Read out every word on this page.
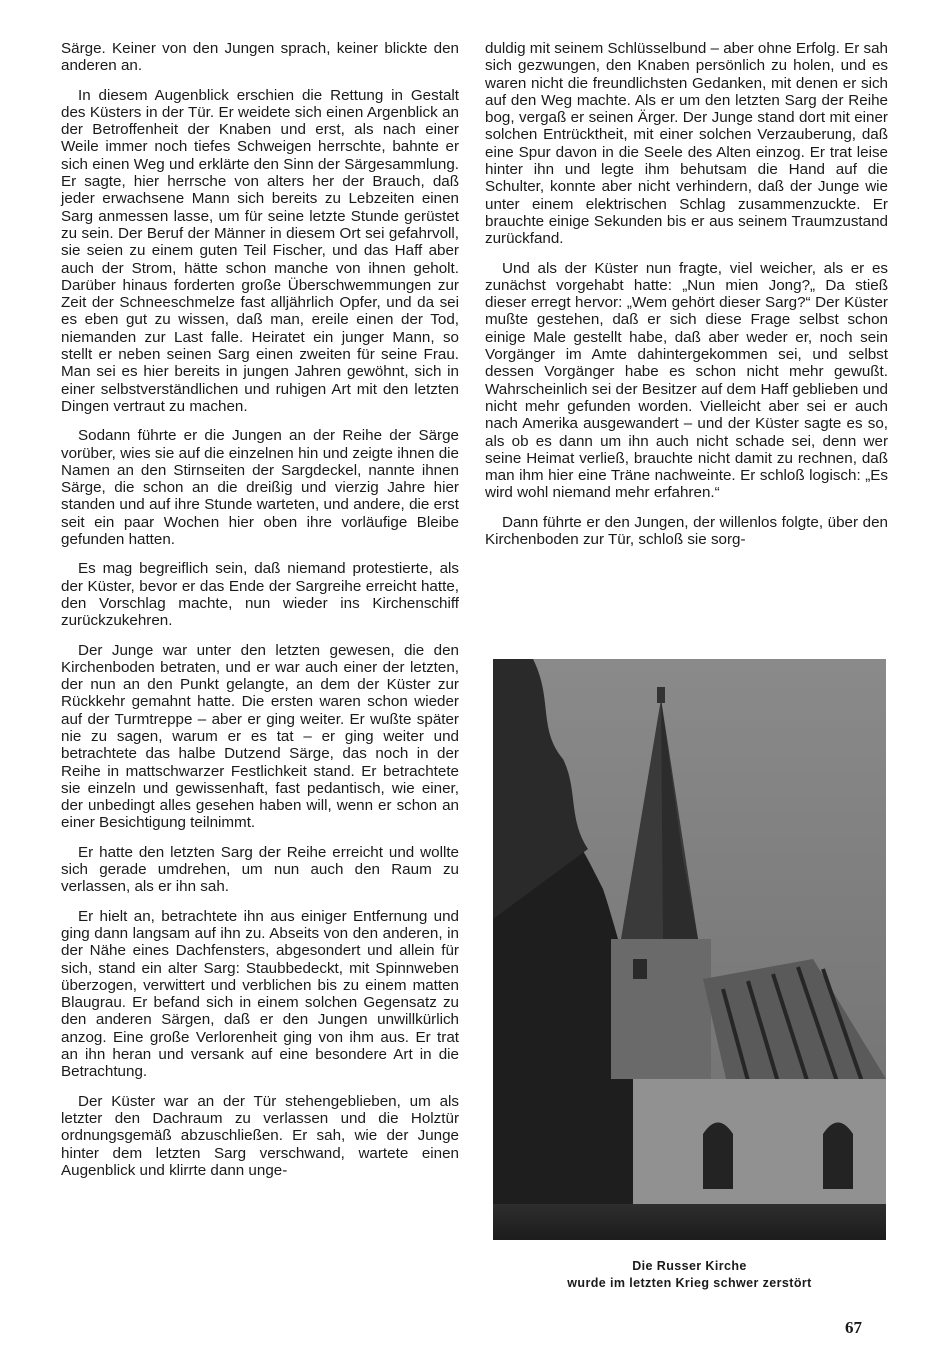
Särge. Keiner von den Jungen sprach, keiner blickte den anderen an.

In diesem Augenblick erschien die Rettung in Gestalt des Küsters in der Tür. Er weidete sich einen Argenblick an der Betroffenheit der Knaben und erst, als nach einer Weile immer noch tiefes Schweigen herrschte, bahnte er sich einen Weg und erklärte den Sinn der Särgesammlung. Er sagte, hier herrsche von alters her der Brauch, daß jeder erwachsene Mann sich bereits zu Lebzeiten einen Sarg anmessen lasse, um für seine letzte Stunde gerüstet zu sein. Der Beruf der Männer in diesem Ort sei gefahrvoll, sie seien zu einem guten Teil Fischer, und das Haff aber auch der Strom, hätte schon manche von ihnen geholt. Darüber hinaus forderten große Überschwemmungen zur Zeit der Schneeschmelze fast alljährlich Opfer, und da sei es eben gut zu wissen, daß man, ereile einen der Tod, niemanden zur Last falle. Heiratet ein junger Mann, so stellt er neben seinen Sarg einen zweiten für seine Frau. Man sei es hier bereits in jungen Jahren gewöhnt, sich in einer selbstverständlichen und ruhigen Art mit den letzten Dingen vertraut zu machen.

Sodann führte er die Jungen an der Reihe der Särge vorüber, wies sie auf die einzelnen hin und zeigte ihnen die Namen an den Stirnseiten der Sargdeckel, nannte ihnen Särge, die schon an die dreißig und vierzig Jahre hier standen und auf ihre Stunde warteten, und andere, die erst seit ein paar Wochen hier oben ihre vorläufige Bleibe gefunden hatten.

Es mag begreiflich sein, daß niemand protestierte, als der Küster, bevor er das Ende der Sargreihe erreicht hatte, den Vorschlag machte, nun wieder ins Kirchenschiff zurückzukehren.

Der Junge war unter den letzten gewesen, die den Kirchenboden betraten, und er war auch einer der letzten, der nun an den Punkt gelangte, an dem der Küster zur Rückkehr gemahnt hatte. Die ersten waren schon wieder auf der Turmtreppe – aber er ging weiter. Er wußte später nie zu sagen, warum er es tat – er ging weiter und betrachtete das halbe Dutzend Särge, das noch in der Reihe in mattschwarzer Festlichkeit stand. Er betrachtete sie einzeln und gewissenhaft, fast pedantisch, wie einer, der unbedingt alles gesehen haben will, wenn er schon an einer Besichtigung teilnimmt.

Er hatte den letzten Sarg der Reihe erreicht und wollte sich gerade umdrehen, um nun auch den Raum zu verlassen, als er ihn sah.

Er hielt an, betrachtete ihn aus einiger Entfernung und ging dann langsam auf ihn zu. Abseits von den anderen, in der Nähe eines Dachfensters, abgesondert und allein für sich, stand ein alter Sarg: Staubbedeckt, mit Spinnweben überzogen, verwittert und verblichen bis zu einem matten Blaugrau. Er befand sich in einem solchen Gegensatz zu den anderen Särgen, daß er den Jungen unwillkürlich anzog. Eine große Verlorenheit ging von ihm aus. Er trat an ihn heran und versank auf eine besondere Art in die Betrachtung.

Der Küster war an der Tür stehengeblieben, um als letzter den Dachraum zu verlassen und die Holztür ordnungsgemäß abzuschließen. Er sah, wie der Junge hinter dem letzten Sarg verschwand, wartete einen Augenblick und klirrte dann unge-

duldig mit seinem Schlüsselbund – aber ohne Erfolg. Er sah sich gezwungen, den Knaben persönlich zu holen, und es waren nicht die freundlichsten Gedanken, mit denen er sich auf den Weg machte. Als er um den letzten Sarg der Reihe bog, vergaß er seinen Ärger. Der Junge stand dort mit einer solchen Entrücktheit, mit einer solchen Verzauberung, daß eine Spur davon in die Seele des Alten einzog. Er trat leise hinter ihn und legte ihm behutsam die Hand auf die Schulter, konnte aber nicht verhindern, daß der Junge wie unter einem elektrischen Schlag zusammenzuckte. Er brauchte einige Sekunden bis er aus seinem Traumzustand zurückfand.

Und als der Küster nun fragte, viel weicher, als er es zunächst vorgehabt hatte: „Nun mien Jong?„ Da stieß dieser erregt hervor: „Wem gehört dieser Sarg?“ Der Küster mußte gestehen, daß er sich diese Frage selbst schon einige Male gestellt habe, daß aber weder er, noch sein Vorgänger im Amte dahintergekommen sei, und selbst dessen Vorgänger habe es schon nicht mehr gewußt. Wahrscheinlich sei der Besitzer auf dem Haff geblieben und nicht mehr gefunden worden. Vielleicht aber sei er auch nach Amerika ausgewandert – und der Küster sagte es so, als ob es dann um ihn auch nicht schade sei, denn wer seine Heimat verließ, brauchte nicht damit zu rechnen, daß man ihm hier eine Träne nachweinte. Er schloß logisch: „Es wird wohl niemand mehr erfahren.“

Dann führte er den Jungen, der willenlos folgte, über den Kirchenboden zur Tür, schloß sie sorg-

Die Russer Kirche
wurde im letzten Krieg schwer zerstört
67
